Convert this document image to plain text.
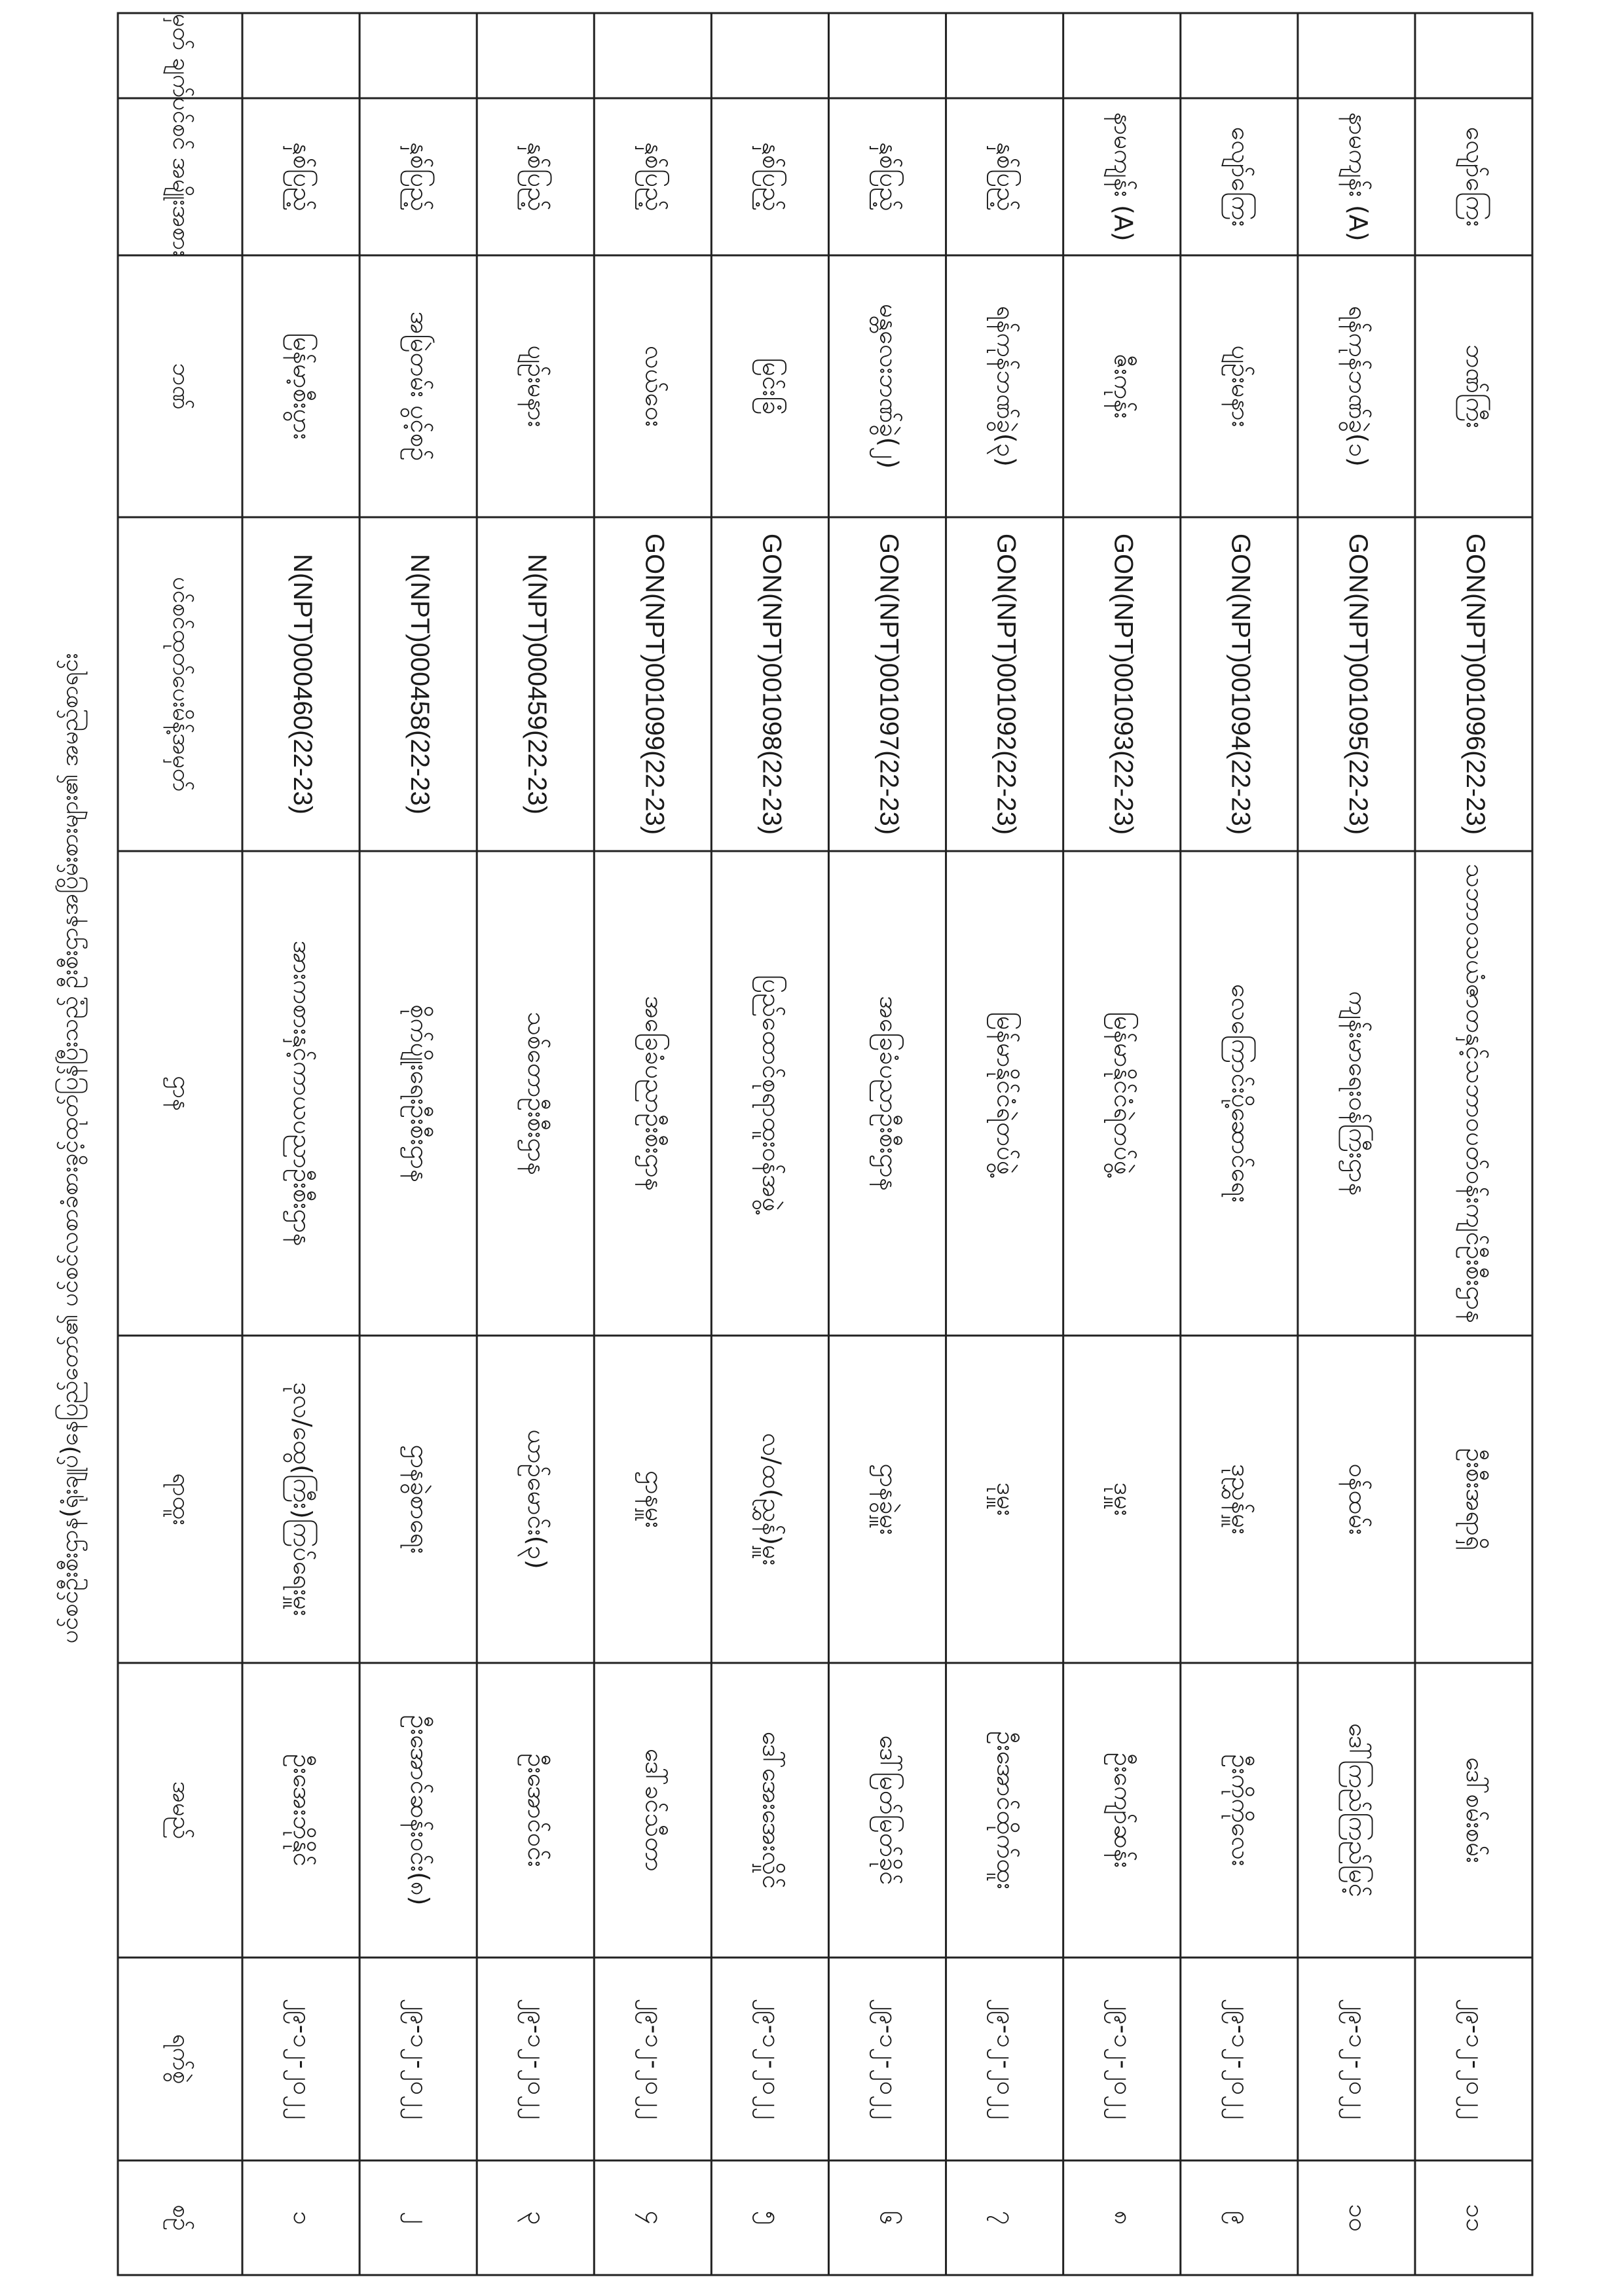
ပင်စင်ဦးစီးဌာန(ရုံးချုပ်)နေပြည်တော်၏ ပင်စင်လစာခံစားခွင့်ထုတ်ပြန်ပြီးသည့် ဦးစီးဌာနအပြိမ်းစားများ၏ အမည်စာရင်း
မှတ် ချက်
ပင်စင် အမျိုးအစား
ဘဏ်
ပင်စင်ထုတ်ပေးမိန့်အမှတ်
ဌာန
ရာထူး
အမည်
ရက်စွဲ
စဉ်
နှစ်ပြည့်
မြန်မာ့စီးပွား
N(NPT)000460(22-23)
အားကစားနှင့်ကာယပညာဦးစီးဌာန
ဒုလ/ထွေ(ကြီး)ကြပ်ရေးမှူး
ဦးအေးဘိုနိုင်
၂၉-၁၂-၂၀၂၂
၁
နှစ်ပြည့်
အမြဲတမ်း ပွင့်စဉ်
N(NPT)000458(22-23)
စိုက်ပျိုးရေးဦးစီးဌာန
ဌာနခွဲစာရေး
ဦးအောင်ဆန်းဝင်း(၈)
၂၉-၁၂-၂၀၂၂
၂
နှစ်ပြည့်
ပျဉ်းမနား
N(NPT)000459(22-23)
သစ်တောဦးစီးဌာန
ယာဉ်မောင်း(၃)
ဦးအောင်ဝင်း
၂၉-၁၂-၂၀၂၂
၃
နှစ်ပြည့်
လယ်ဝေး
GON(NPT)001099(22-23)
အခြေခံပညာဦးစီးဌာန
ဌာနမှူး
ဒေါ်ခင်သီတာ
၂၉-၁၂-၂၀၂၂
၄
နှစ်ပြည့်
မြင်းခြံ
GON(NPT)001098(22-23)
ပြည်ထောင်စုရာထူးဝန်အဖွဲ့
လ/ထ(ညွှန်)မှူး
ဒေါ်အေးအေးလှိုင်
၂၉-၁၂-၂၀၂၂
၅
နှစ်ပြည့်
မန္တလေးဘဏ်ခွဲ(၂)
GON(NPT)001097(22-23)
အခြေခံပညာဦးစီးဌာန
ဌာနခွဲမှူး
ဒေါ်မြတ်မြတ်ခိုင်
၂၉-၁၂-၂၀၂၂
၆
နှစ်ပြည့်
ရန်ကုန်ဘဏ်ခွဲ(၃)
GON(NPT)001092(22-23)
မြန်မာနိုင်ငံရဲတပ်ဖွဲ့
ဒုမှူး
ဦးအောင်ထိုက်ထူး
၂၉-၁၂-၂၀၂၂
၇
နာမကျန်း (A)
ဇီးကုန်း
GON(NPT)001093(22-23)
မြန်မာနိုင်ငံရဲတပ်ဖွဲ့
ဒုမှူး
ဦးကျော်ဆန်း
၂၉-၁၂-၂၀၂၂
၈
လျော်ကြေး
ပျဉ်းမနား
GON(NPT)001094(22-23)
လေကြောင်းပို့ဆောင်ရေး
ဒုညွှန်မှူး
ဦးကိုကိုလေး
၂၉-၁၂-၂၀၂၂
၉
နာမကျန်း (A)
ရန်ကုန်ဘဏ်ခွဲ(၁)
GON(NPT)001095(22-23)
ကျန်းမာရေးဝန်ကြီးဌာန
ဝန်ထမ်း
ဒေါ်ကြည်ကြည်မြင့်
၂၉-၁၂-၂၀၂၂
၁၀
လျော်ကြေး
ဘဏ်ကြီး
GON(NPT)001096(22-23)
သဘာဝသယံဇာတနှင့်သဘာဝပတ်ဝန်းကျင်ဦးစီးဌာန
ဦးစီးအရာရှိ
ဒေါ်စမ်းစမ်း
၂၉-၁၂-၂၀၂၂
၁၁
